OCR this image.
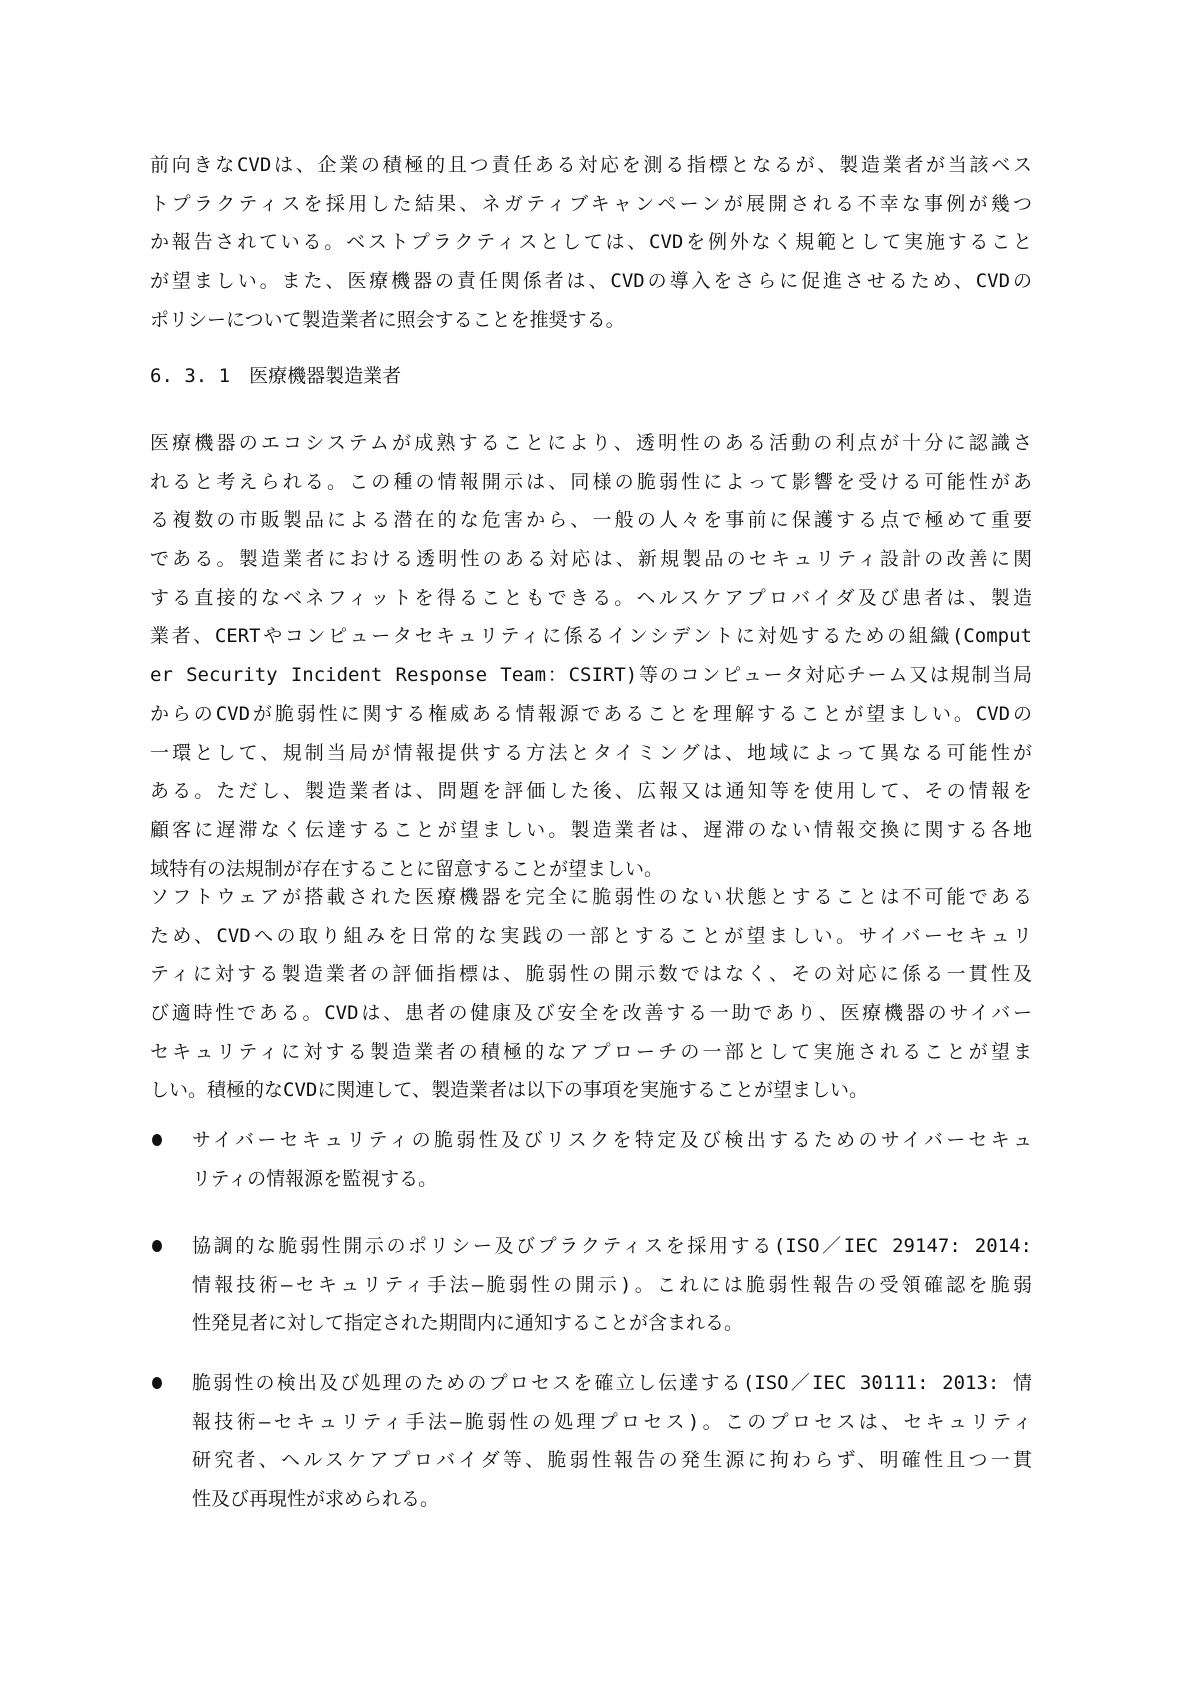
前向きなCVDは、企業の積極的且つ責任ある対応を測る指標となるが、製造業者が当該ベス
トプラクティスを採用した結果、ネガティブキャンペーンが展開される不幸な事例が幾つ
か報告されている。ベストプラクティスとしては、CVDを例外なく規範として実施すること
が望ましい。また、医療機器の責任関係者は、CVDの導入をさらに促進させるため、CVDの
ポリシーについて製造業者に照会することを推奨する。
6. 3. 1　医療機器製造業者
医療機器のエコシステムが成熟することにより、透明性のある活動の利点が十分に認識さ
れると考えられる。この種の情報開示は、同様の脆弱性によって影響を受ける可能性があ
る複数の市販製品による潜在的な危害から、一般の人々を事前に保護する点で極めて重要
である。製造業者における透明性のある対応は、新規製品のセキュリティ設計の改善に関
する直接的なベネフィットを得ることもできる。ヘルスケアプロバイダ及び患者は、製造
業者、CERTやコンピュータセキュリティに係るインシデントに対処するための組織(Comput
er Security Incident Response Team：CSIRT)等のコンピュータ対応チーム又は規制当局
からのCVDが脆弱性に関する権威ある情報源であることを理解することが望ましい。CVDの
一環として、規制当局が情報提供する方法とタイミングは、地域によって異なる可能性が
ある。ただし、製造業者は、問題を評価した後、広報又は通知等を使用して、その情報を
顧客に遅滞なく伝達することが望ましい。製造業者は、遅滞のない情報交換に関する各地
域特有の法規制が存在することに留意することが望ましい。
ソフトウェアが搭載された医療機器を完全に脆弱性のない状態とすることは不可能である
ため、CVDへの取り組みを日常的な実践の一部とすることが望ましい。サイバーセキュリ
ティに対する製造業者の評価指標は、脆弱性の開示数ではなく、その対応に係る一貫性及
び適時性である。CVDは、患者の健康及び安全を改善する一助であり、医療機器のサイバー
セキュリティに対する製造業者の積極的なアプローチの一部として実施されることが望ま
しい。積極的なCVDに関連して、製造業者は以下の事項を実施することが望ましい。
サイバーセキュリティの脆弱性及びリスクを特定及び検出するためのサイバーセキュ
リティの情報源を監視する。
協調的な脆弱性開示のポリシー及びプラクティスを採用する(ISO／IEC 29147: 2014:
情報技術―セキュリティ手法―脆弱性の開示)。これには脆弱性報告の受領確認を脆弱
性発見者に対して指定された期間内に通知することが含まれる。
脆弱性の検出及び処理のためのプロセスを確立し伝達する(ISO／IEC 30111: 2013: 情
報技術―セキュリティ手法―脆弱性の処理プロセス)。このプロセスは、セキュリティ
研究者、ヘルスケアプロバイダ等、脆弱性報告の発生源に拘わらず、明確性且つ一貫
性及び再現性が求められる。
